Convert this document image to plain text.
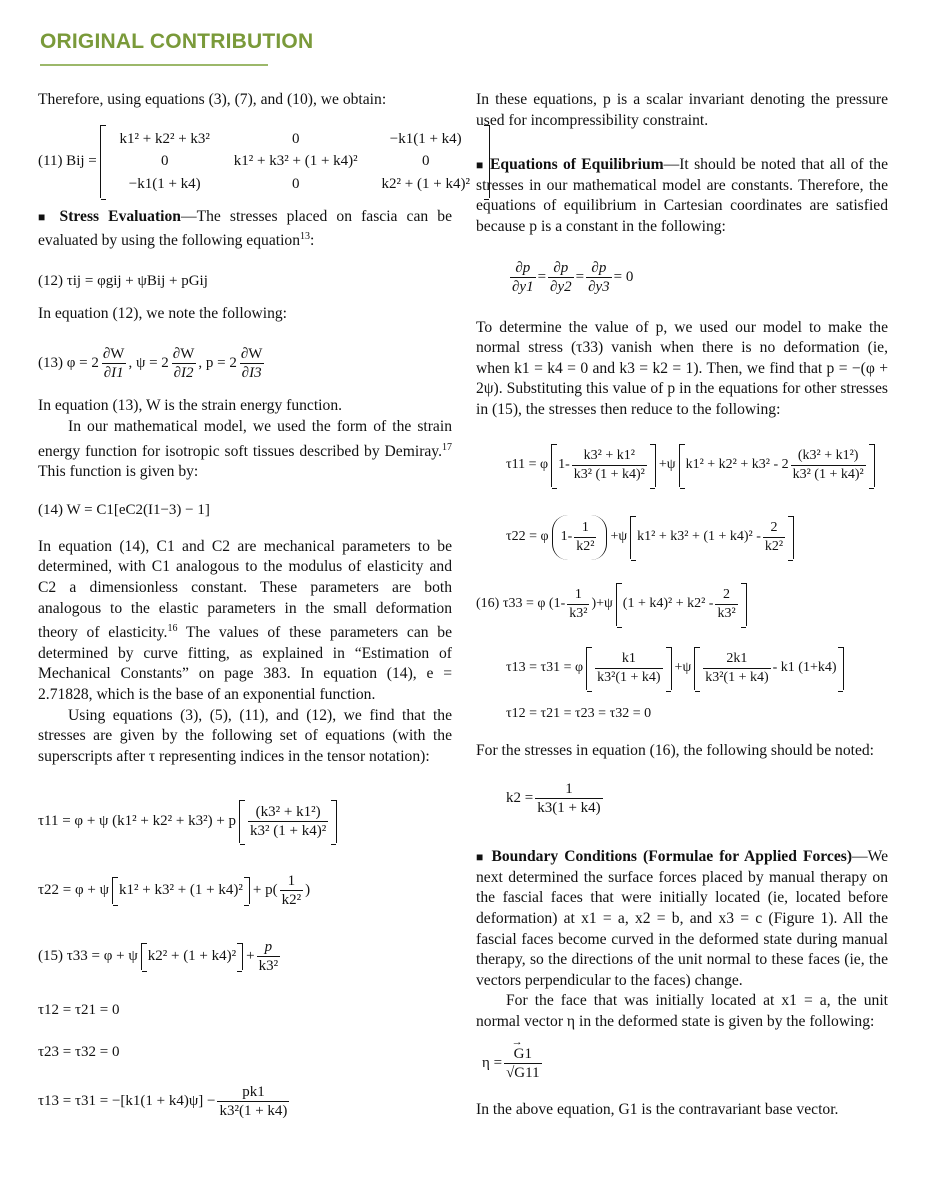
ORIGINAL CONTRIBUTION

Therefore, using equations (3), (7), and (10), we obtain:

(11) Bij =
k1² + k2² + k3²	0	−k1(1 + k4)
0	k1² + k3² + (1 + k4)²	0
−k1(1 + k4)	0	k2² + (1 + k4)²

■ Stress Evaluation—The stresses placed on fascia can be evaluated by using the following equation$^{13}$:

(12) τij = φgij + ψBij + pGij

In equation (12), we note the following:

(13) $\varphi = 2 \frac{\partial W}{\partial I1}$ , $\psi = 2 \frac{\partial W}{\partial I2}$ , $p = 2 \frac{\partial W}{\partial I3}$

In equation (13), W is the strain energy function.

In our mathematical model, we used the form of the strain energy function for isotropic soft tissues described by Demiray.$^{17}$ This function is given by:

(14) W = C1[eC2(I1−3) − 1]

In equation (14), C1 and C2 are mechanical parameters to be determined, with C1 analogous to the modulus of elasticity and C2 a dimensionless constant. These parameters are both analogous to the elastic parameters in the small deformation theory of elasticity.$^{16}$ The values of these parameters can be determined by curve fitting, as explained in “Estimation of Mechanical Constants” on page 383. In equation (14), e = 2.71828, which is the base of an exponential function.

Using equations (3), (5), (11), and (12), we find that the stresses are given by the following set of equations (with the superscripts after τ representing indices in the tensor notation):

τ11 = φ + ψ (k1² + k2² + k3²) + p $\frac{\text{(k3² + k1²)}}{\text{k3² (1 + k4)²}}$
τ22 = φ + ψ $k1^2 + k3^2 + (1 + k4)^2 + p( \frac{1}{\text{k2²}}$ )
(15) τ33 = φ + ψ $k2^2 + (1 + k4)^2 + \frac{p}{\text{k3²}}$
τ12 = τ21 = 0
τ23 = τ32 = 0
$\tau 13 = \tau 31 = -[k1(1 + k4)\psi] - \frac{pk1}{\text{k3²(1 + k4)}}$

In these equations, p is a scalar invariant denoting the pressure used for incompressibility constraint.

■ Equations of Equilibrium—It should be noted that all of the stresses in our mathematical model are constants. Therefore, the equations of equilibrium in Cartesian coordinates are satisfied because p is a constant in the following:

$\frac{\partial p}{\partial y1} = \frac{\partial p}{\partial y2} = \frac{\partial p}{\partial y3} = 0$

To determine the value of p, we used our model to make the normal stress (τ33) vanish when there is no deformation (ie, when k1 = k4 = 0 and k3 = k2 = 1). Then, we find that p = −(φ + 2ψ). Substituting this value of p in the equations for other stresses in (15), the stresses then reduce to the following:

τ11 = φ $1- \frac{\text{k3² + k1²}}{\text{k3² (1 + k4)²}} +\psi$ $k1^2 + k2^2 + k3^2 - 2 \frac{\text{(k3² + k1²)}}{\text{k3² (1 + k4)²}}$
τ22 = φ $1- \frac{1}{\text{k2²}} +\psi$ $k1^2 + k3^2 + (1 + k4)^2 - \frac{2}{\text{k2²}}$
(16) τ33 = φ $(1- \frac{1}{\text{k3²}} )+\psi$ $(1 + k4)^2 + k2^2 - \frac{2}{\text{k3²}}$
τ13 = τ31 = φ $\frac{k1}{\text{k3²(1 + k4)}} +\psi \frac{2k1}{\text{k3²(1 + k4)}} - k1$ (1+k4)
τ12 = τ21 = τ23 = τ32 = 0

For the stresses in equation (16), the following should be noted:

$k2 = \frac{1}{k3(1 + k4)}$

■ Boundary Conditions (Formulae for Applied Forces)—We next determined the surface forces placed by manual therapy on the fascial faces that were initially located (ie, located before deformation) at x1 = a, x2 = b, and x3 = c (Figure 1). All the fascial faces become curved in the deformed state during manual therapy, so the directions of the unit normal to these faces (ie, the vectors perpendicular to the faces) change.

For the face that was initially located at x1 = a, the unit normal vector η in the deformed state is given by the following:

η =
→ $\frac{G1}{√G11}$

In the above equation, G1 is the contravariant base vector.
